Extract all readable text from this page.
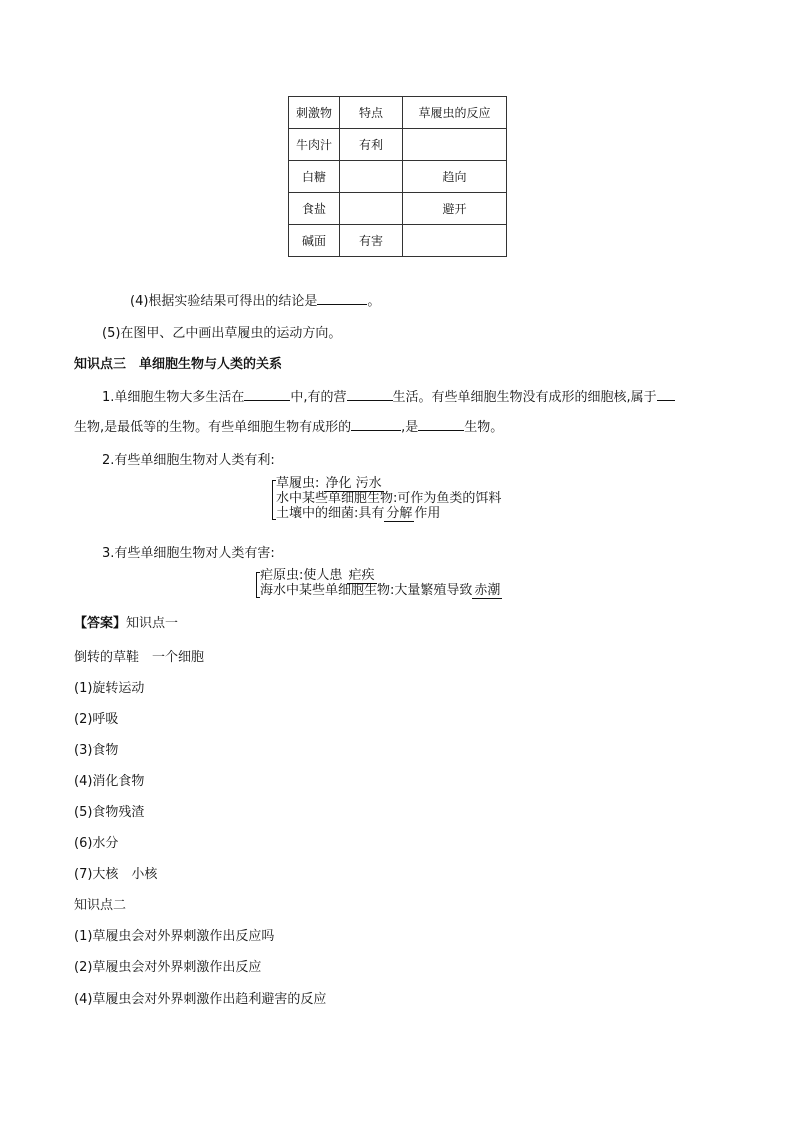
刺激物	特点	草履虫的反应
牛肉汁	有利	
白糖		趋向
食盐		避开
碱面	有害	
(4)根据实验结果可得出的结论是	。
(5)在图甲、乙中画出草履虫的运动方向。
知识点三　单细胞生物与人类的关系
1.单细胞生物大多生活在	中,有的营	生活。有些单细胞生物没有成形的细胞核,属于
生物,是最低等的生物。有些单细胞生物有成形的	,是	生物。
2.有些单细胞生物对人类有利:
草履虫: 净化 污水
水中某些单细胞生物:可作为鱼类的饵料
土壤中的细菌:具有 分解 作用
3.有些单细胞生物对人类有害:
疟原虫:使人患 疟疾
海水中某些单细胞生物:大量繁殖导致 赤潮
【答案】知识点一
倒转的草鞋　一个细胞
(1)旋转运动
(2)呼吸
(3)食物
(4)消化食物
(5)食物残渣
(6)水分
(7)大核　小核
知识点二
(1)草履虫会对外界刺激作出反应吗
(2)草履虫会对外界刺激作出反应
(4)草履虫会对外界刺激作出趋利避害的反应
